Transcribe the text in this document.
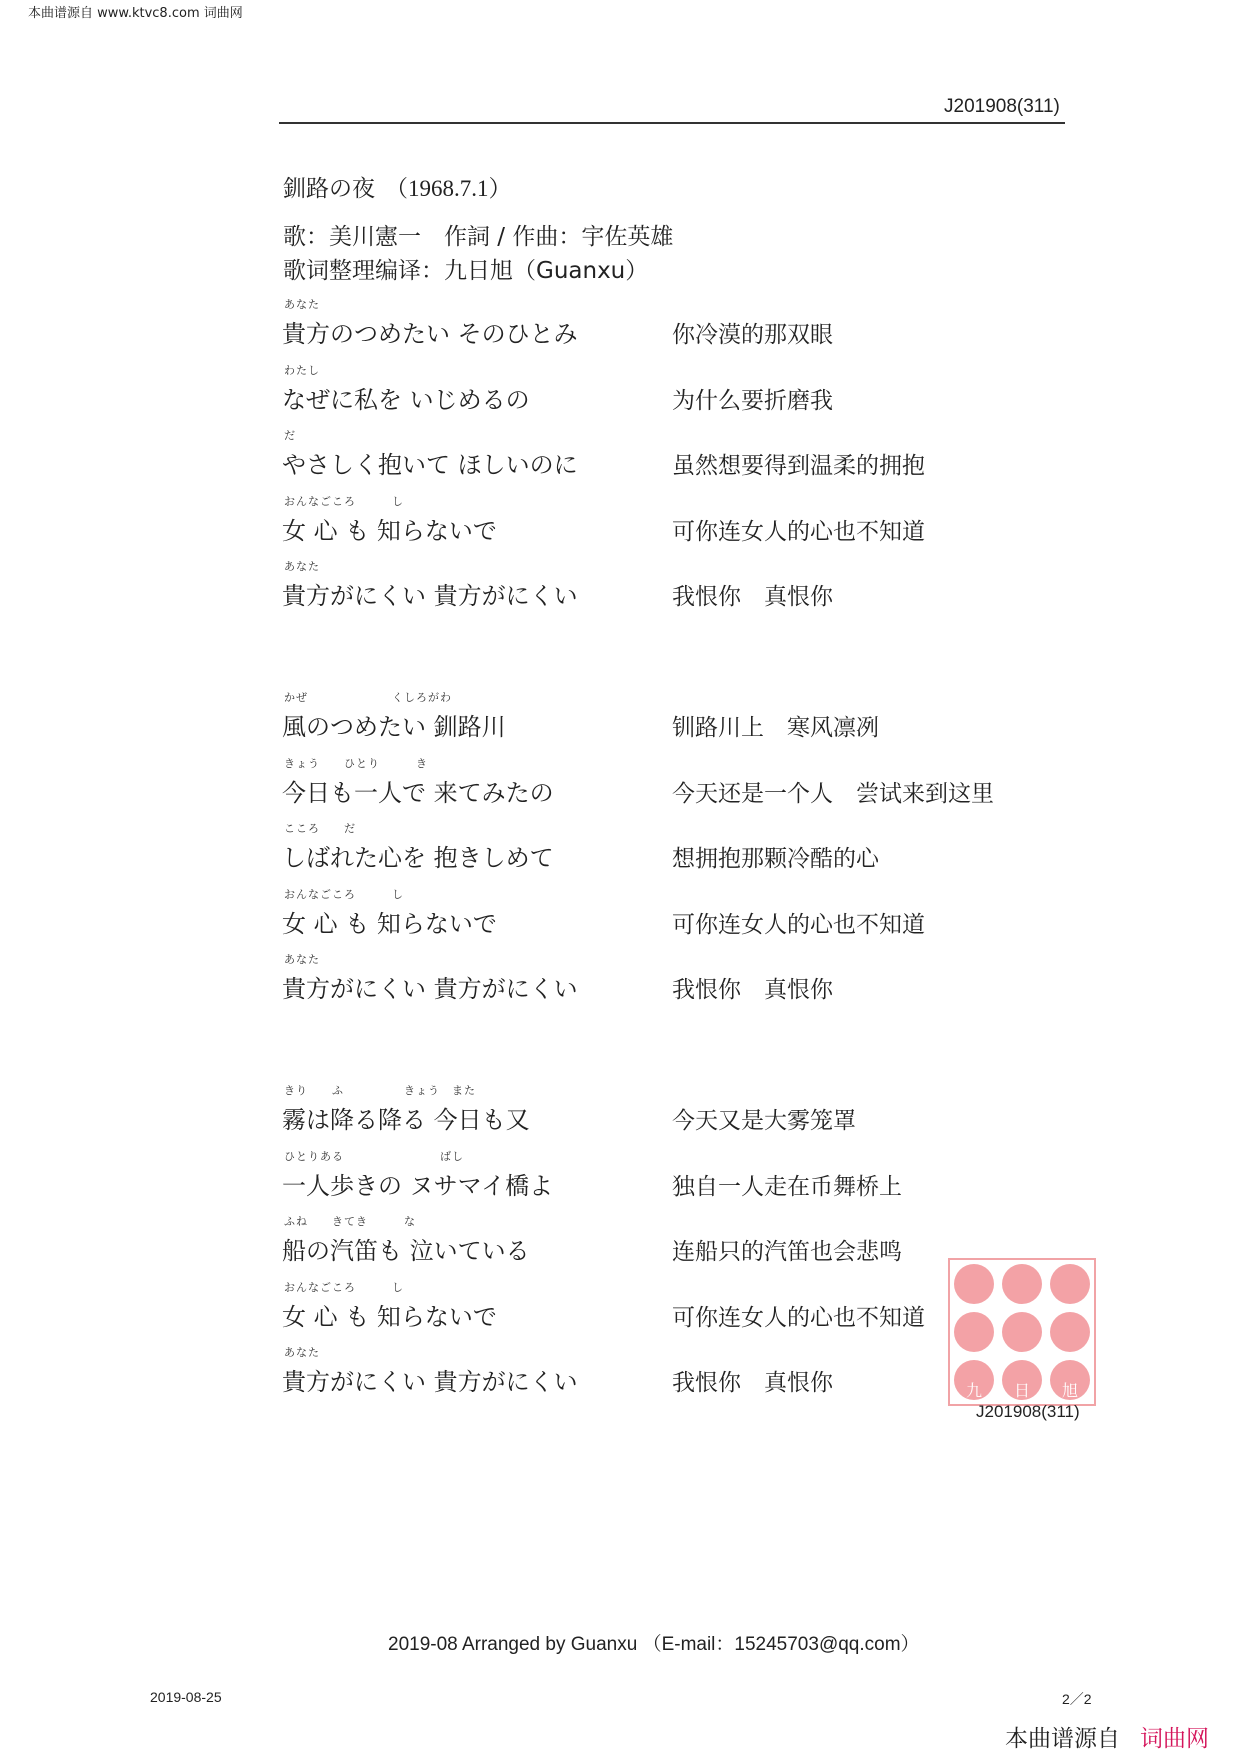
本曲谱源自 www.ktvc8.com 词曲网
J201908(311)
釧路の夜 （1968.7.1）
歌：美川憲一　作詞 / 作曲：宇佐英雄
歌词整理编译：九日旭（Guanxu）
あなた
貴方のつめたい そのひとみ	你冷漠的那双眼
わたし
なぜに私を いじめるの	为什么要折磨我
だ
やさしく抱いて ほしいのに	虽然想要得到温柔的拥抱
おんなごころ　　　し
女 心 も 知らないで	可你连女人的心也不知道
あなた
貴方がにくい 貴方がにくい	我恨你　真恨你
かぜ　　　　　　　くしろがわ
風のつめたい 釧路川	钏路川上　寒风凛冽
きょう　　ひとり　　　き
今日も一人で 来てみたの	今天还是一个人　尝试来到这里
こころ　　だ
しばれた心を 抱きしめて	想拥抱那颗冷酷的心
おんなごころ　　　し
女 心 も 知らないで	可你连女人的心也不知道
あなた
貴方がにくい 貴方がにくい	我恨你　真恨你
きり　　ふ　　　　　きょう　また
霧は降る降る 今日も又	今天又是大雾笼罩
ひとりある　　　　　　　　ばし
一人歩きの ヌサマイ橋よ	独自一人走在币舞桥上
ふね　　きてき　　　な
船の汽笛も 泣いている	连船只的汽笛也会悲鸣
おんなごころ　　　し
女 心 も 知らないで	可你连女人的心也不知道
あなた
貴方がにくい 貴方がにくい	我恨你　真恨你	九 日 旭
J201908(311)
2019-08 Arranged by Guanxu （E-mail：15245703@qq.com）
2019-08-25	2／2
本曲谱源自 词曲网
